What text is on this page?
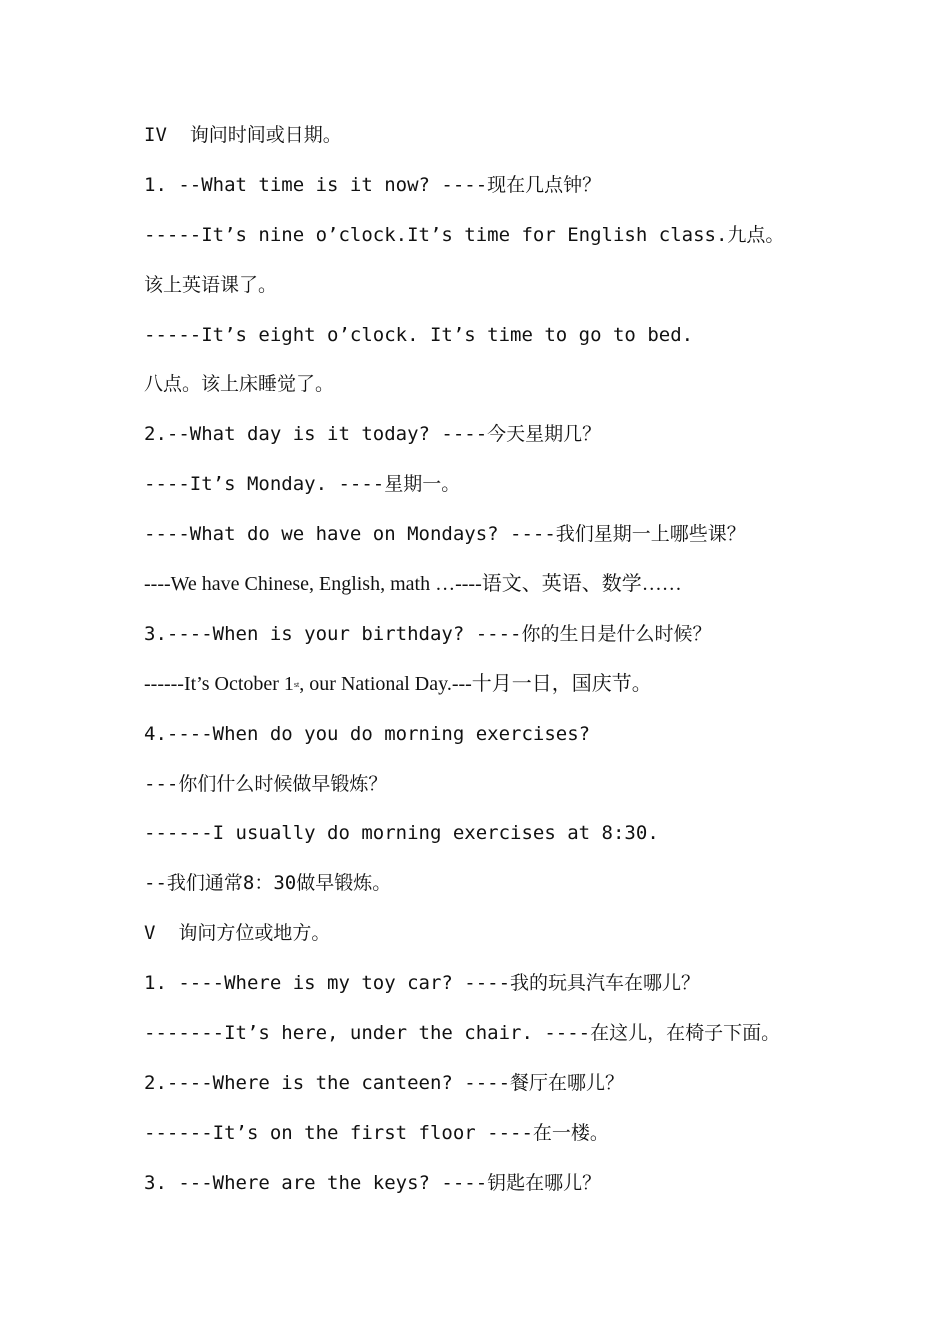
IV  询问时间或日期。
1. --What time is it now? ----现在几点钟？
-----It’s nine o’clock.It’s time for English class.九点。
该上英语课了。
-----It’s eight o’clock. It’s time to go to bed.
八点。该上床睡觉了。
2.--What day is it today? ----今天星期几？
----It’s Monday. ----星期一。
----What do we have on Mondays? ----我们星期一上哪些课？
----We have Chinese, English, math …----语文、英语、数学……
3.----When is your birthday? ----你的生日是什么时候？
------It’s October 1st, our National Day.---十月一日，国庆节。
4.----When do you do morning exercises?
---你们什么时候做早锻炼？
------I usually do morning exercises at 8:30.
--我们通常8：30做早锻炼。
V  询问方位或地方。
1. ----Where is my toy car? ----我的玩具汽车在哪儿？
-------It’s here, under the chair. ----在这儿，在椅子下面。
2.----Where is the canteen? ----餐厅在哪儿？
------It’s on the first floor ----在一楼。
3. ---Where are the keys? ----钥匙在哪儿？
